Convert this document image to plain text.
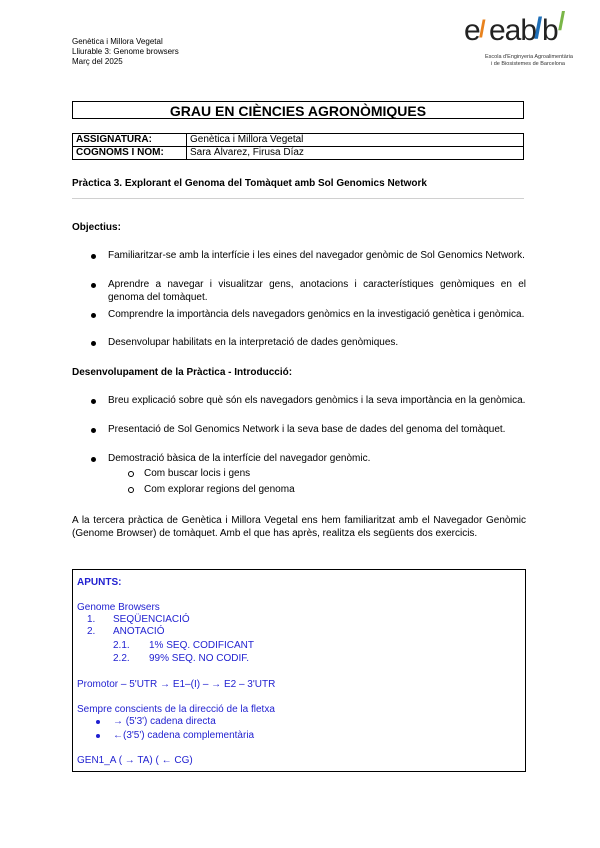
Genètica i Millora Vegetal
Lliurable 3: Genome browsers
Març del 2025
e / eab
/ b /
Escola d'Enginyeria Agroalimentària
i de Biosistemes de Barcelona
GRAU EN CIÈNCIES AGRONÒMIQUES
ASSIGNATURA:	Genètica i Millora Vegetal
COGNOMS I NOM:	Sara Álvarez, Firusa Díaz
Pràctica 3. Explorant el Genoma del Tomàquet amb Sol Genomics Network
Objectius:
Familiaritzar-se amb la interfície i les eines del navegador genòmic de Sol Genomics Network.
Aprendre a navegar i visualitzar gens, anotacions i característiques genòmiques en el genoma del tomàquet.
Comprendre la importància dels navegadors genòmics en la investigació genètica i genòmica.
Desenvolupar habilitats en la interpretació de dades genòmiques.
Desenvolupament de la Pràctica - Introducció:
Breu explicació sobre què són els navegadors genòmics i la seva importància en la genòmica.
Presentació de Sol Genomics Network i la seva base de dades del genoma del tomàquet.
Demostració bàsica de la interfície del navegador genòmic.
Com buscar locis i gens
Com explorar regions del genoma
A la tercera pràctica de Genètica i Millora Vegetal ens hem familiaritzat amb el Navegador Genòmic (Genome Browser) de tomàquet. Amb el que has après, realitza els següents dos exercicis.
APUNTS:
Genome Browsers
1. SEQÜENCIACIÓ
2. ANOTACIÓ
2.1. 1% SEQ. CODIFICANT
2.2. 99% SEQ. NO CODIF.
Promotor – 5'UTR → E1–(I) – → E2 – 3'UTR
Sempre conscients de la direcció de la fletxa
→ (5'3') cadena directa
←(3'5') cadena complementària
GEN1_A ( → TA) ( ← CG)
